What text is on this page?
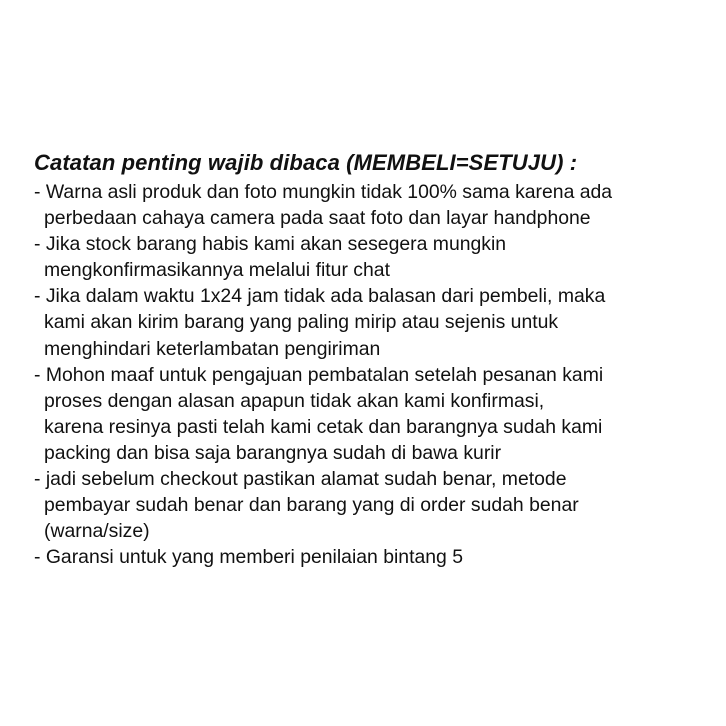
Catatan penting wajib dibaca (MEMBELI=SETUJU) :
- Warna asli produk dan foto mungkin tidak 100% sama karena ada
perbedaan cahaya camera pada saat foto dan layar handphone
- Jika stock barang habis kami akan sesegera mungkin
mengkonfirmasikannya melalui fitur chat
- Jika dalam waktu 1x24 jam tidak ada balasan dari pembeli, maka
kami akan kirim barang yang paling mirip atau sejenis untuk
menghindari keterlambatan pengiriman
- Mohon maaf untuk pengajuan pembatalan setelah pesanan kami
proses dengan alasan apapun tidak akan kami konfirmasi,
karena resinya pasti telah kami cetak dan barangnya sudah kami
packing dan bisa saja barangnya sudah di bawa kurir
- jadi sebelum checkout pastikan alamat sudah benar, metode
pembayar sudah benar dan barang yang di order sudah benar
(warna/size)
- Garansi untuk yang memberi penilaian bintang 5
